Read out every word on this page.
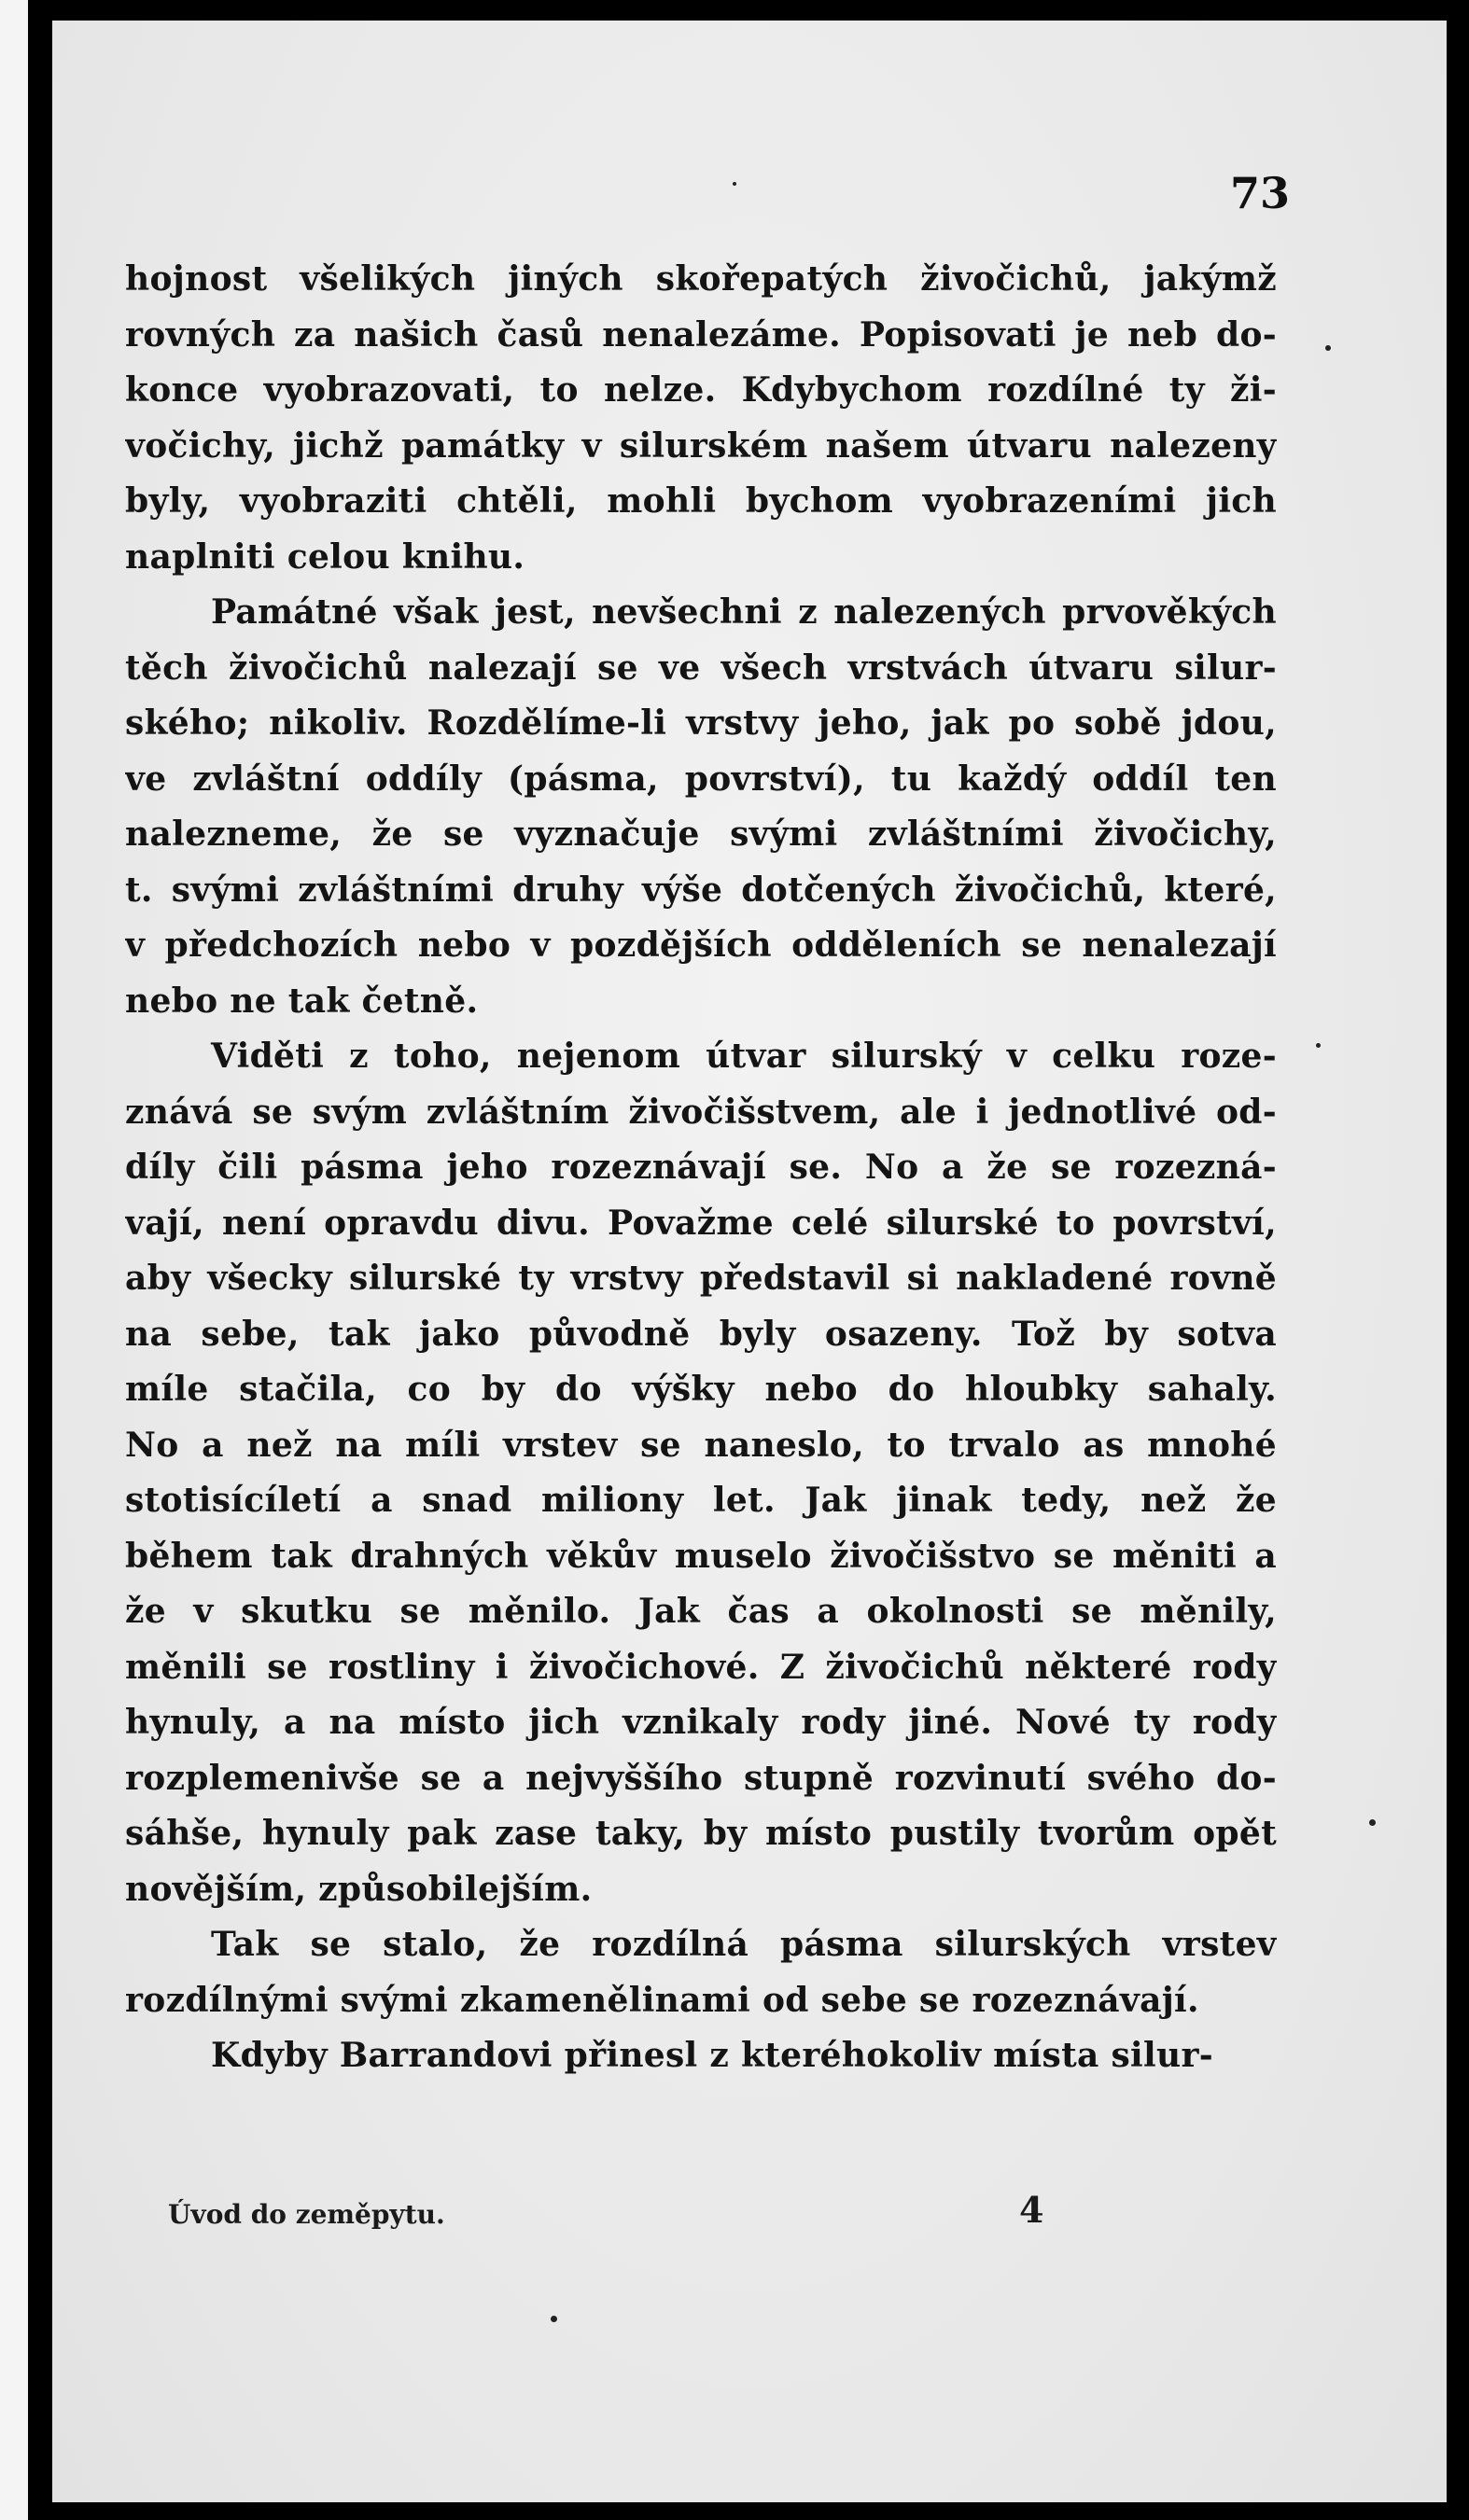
73
hojnost všelikých jiných skořepatých živočichů, jakýmž
rovných za našich časů nenalezáme. Popisovati je neb do-
konce vyobrazovati, to nelze. Kdybychom rozdílné ty ži-
vočichy, jichž památky v silurském našem útvaru nalezeny
byly, vyobraziti chtěli, mohli bychom vyobrazeními jich
naplniti celou knihu.
Památné však jest, nevšechni z nalezených prvověkých
těch živočichů nalezají se ve všech vrstvách útvaru silur-
ského; nikoliv. Rozdělíme-li vrstvy jeho, jak po sobě jdou,
ve zvláštní oddíly (pásma, povrství), tu každý oddíl ten
nalezneme, že se vyznačuje svými zvláštními živočichy,
t. svými zvláštními druhy výše dotčených živočichů, které,
v předchozích nebo v pozdějších odděleních se nenalezají
nebo ne tak četně.
Viděti z toho, nejenom útvar silurský v celku roze-
znává se svým zvláštním živočišstvem, ale i jednotlivé od-
díly čili pásma jeho rozeznávají se. No a že se rozezná-
vají, není opravdu divu. Považme celé silurské to povrství,
aby všecky silurské ty vrstvy představil si nakladené rovně
na sebe, tak jako původně byly osazeny. Tož by sotva
míle stačila, co by do výšky nebo do hloubky sahaly.
No a než na míli vrstev se naneslo, to trvalo as mnohé
stotisícíletí a snad miliony let. Jak jinak tedy, než že
během tak drahných věkův muselo živočišstvo se měniti a
že v skutku se měnilo. Jak čas a okolnosti se měnily,
měnili se rostliny i živočichové. Z živočichů některé rody
hynuly, a na místo jich vznikaly rody jiné. Nové ty rody
rozplemenivše se a nejvyššího stupně rozvinutí svého do-
sáhše, hynuly pak zase taky, by místo pustily tvorům opět
novějším, způsobilejším.
Tak se stalo, že rozdílná pásma silurských vrstev
rozdílnými svými zkamenělinami od sebe se rozeznávají.
Kdyby Barrandovi přinesl z kteréhokoliv místa silur-
Úvod do zeměpytu.	4
